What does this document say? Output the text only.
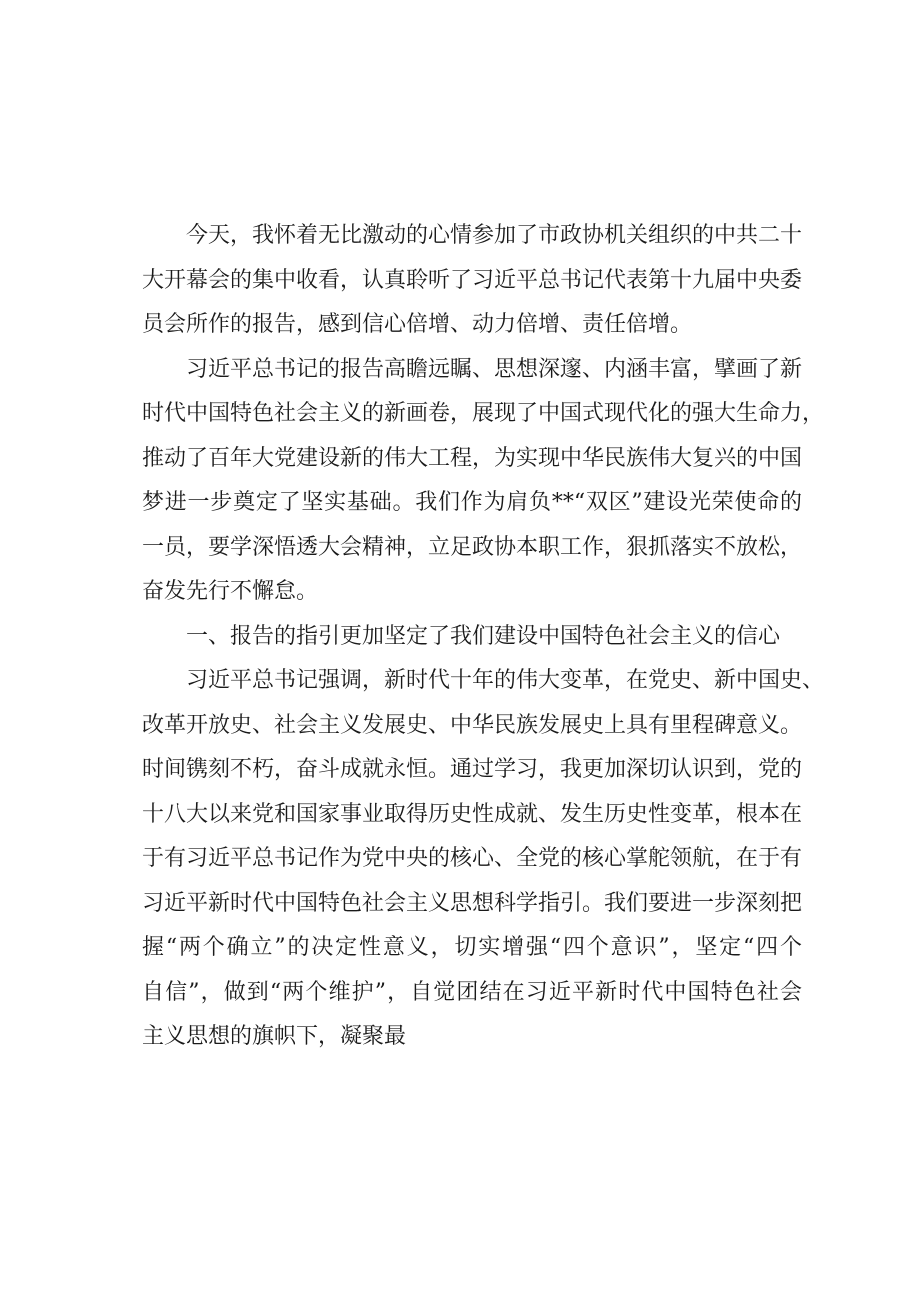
今天，我怀着无比激动的心情参加了市政协机关组织的中共二十
大开幕会的集中收看，认真聆听了习近平总书记代表第十九届中央委
员会所作的报告，感到信心倍增、动力倍增、责任倍增。
习近平总书记的报告高瞻远瞩、思想深邃、内涵丰富，擘画了新
时代中国特色社会主义的新画卷，展现了中国式现代化的强大生命力，
推动了百年大党建设新的伟大工程，为实现中华民族伟大复兴的中国
梦进一步奠定了坚实基础。我们作为肩负**“双区”建设光荣使命的
一员，要学深悟透大会精神，立足政协本职工作，狠抓落实不放松，
奋发先行不懈怠。
一、报告的指引更加坚定了我们建设中国特色社会主义的信心
习近平总书记强调，新时代十年的伟大变革，在党史、新中国史、
改革开放史、社会主义发展史、中华民族发展史上具有里程碑意义。
时间镌刻不朽，奋斗成就永恒。通过学习，我更加深切认识到，党的
十八大以来党和国家事业取得历史性成就、发生历史性变革，根本在
于有习近平总书记作为党中央的核心、全党的核心掌舵领航，在于有
习近平新时代中国特色社会主义思想科学指引。我们要进一步深刻把
握“两个确立”的决定性意义，切实增强“四个意识”，坚定“四个
自信”，做到“两个维护”，自觉团结在习近平新时代中国特色社会
主义思想的旗帜下，凝聚最
